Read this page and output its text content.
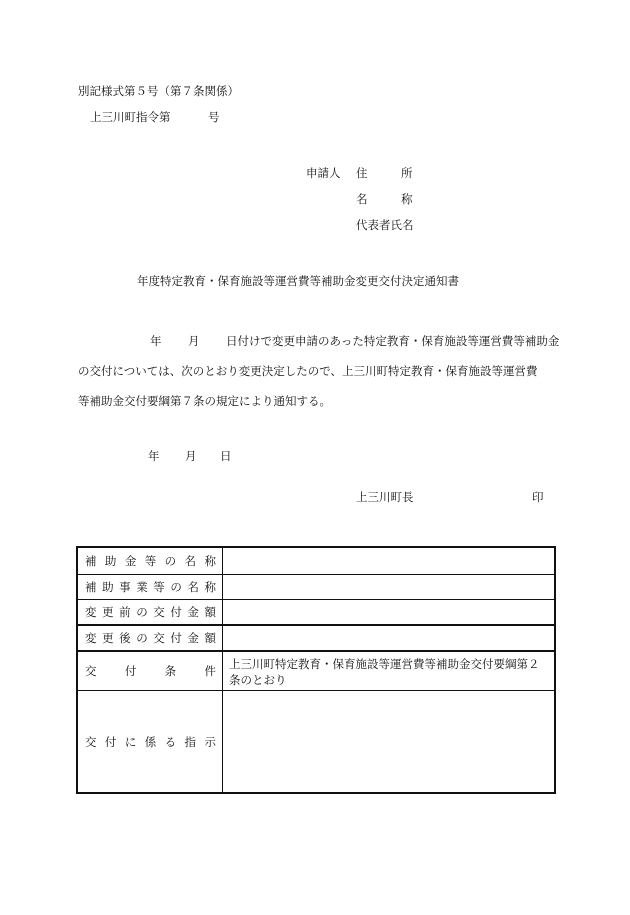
別記様式第５号（第７条関係）
上三川町指令第	号
申請人 住	所
名	称
代表者氏名
年度特定教育・保育施設等運営費等補助金変更交付決定通知書
年 月 日付けで変更申請のあった特定教育・保育施設等運営費等補助金
の交付については、次のとおり変更決定したので、上三川町特定教育・保育施設等運営費
等補助金交付要綱第７条の規定により通知する。
年 月 日
上三川町長	印
補 助 金 等 の 名 称
補 助 事 業 等 の 名 称
変 更 前 の 交 付 金 額
変 更 後 の 交 付 金 額
交 付 条 件	上三川町特定教育・保育施設等運営費等補助金交付要綱第２条のとおり
交 付 に 係 る 指 示
